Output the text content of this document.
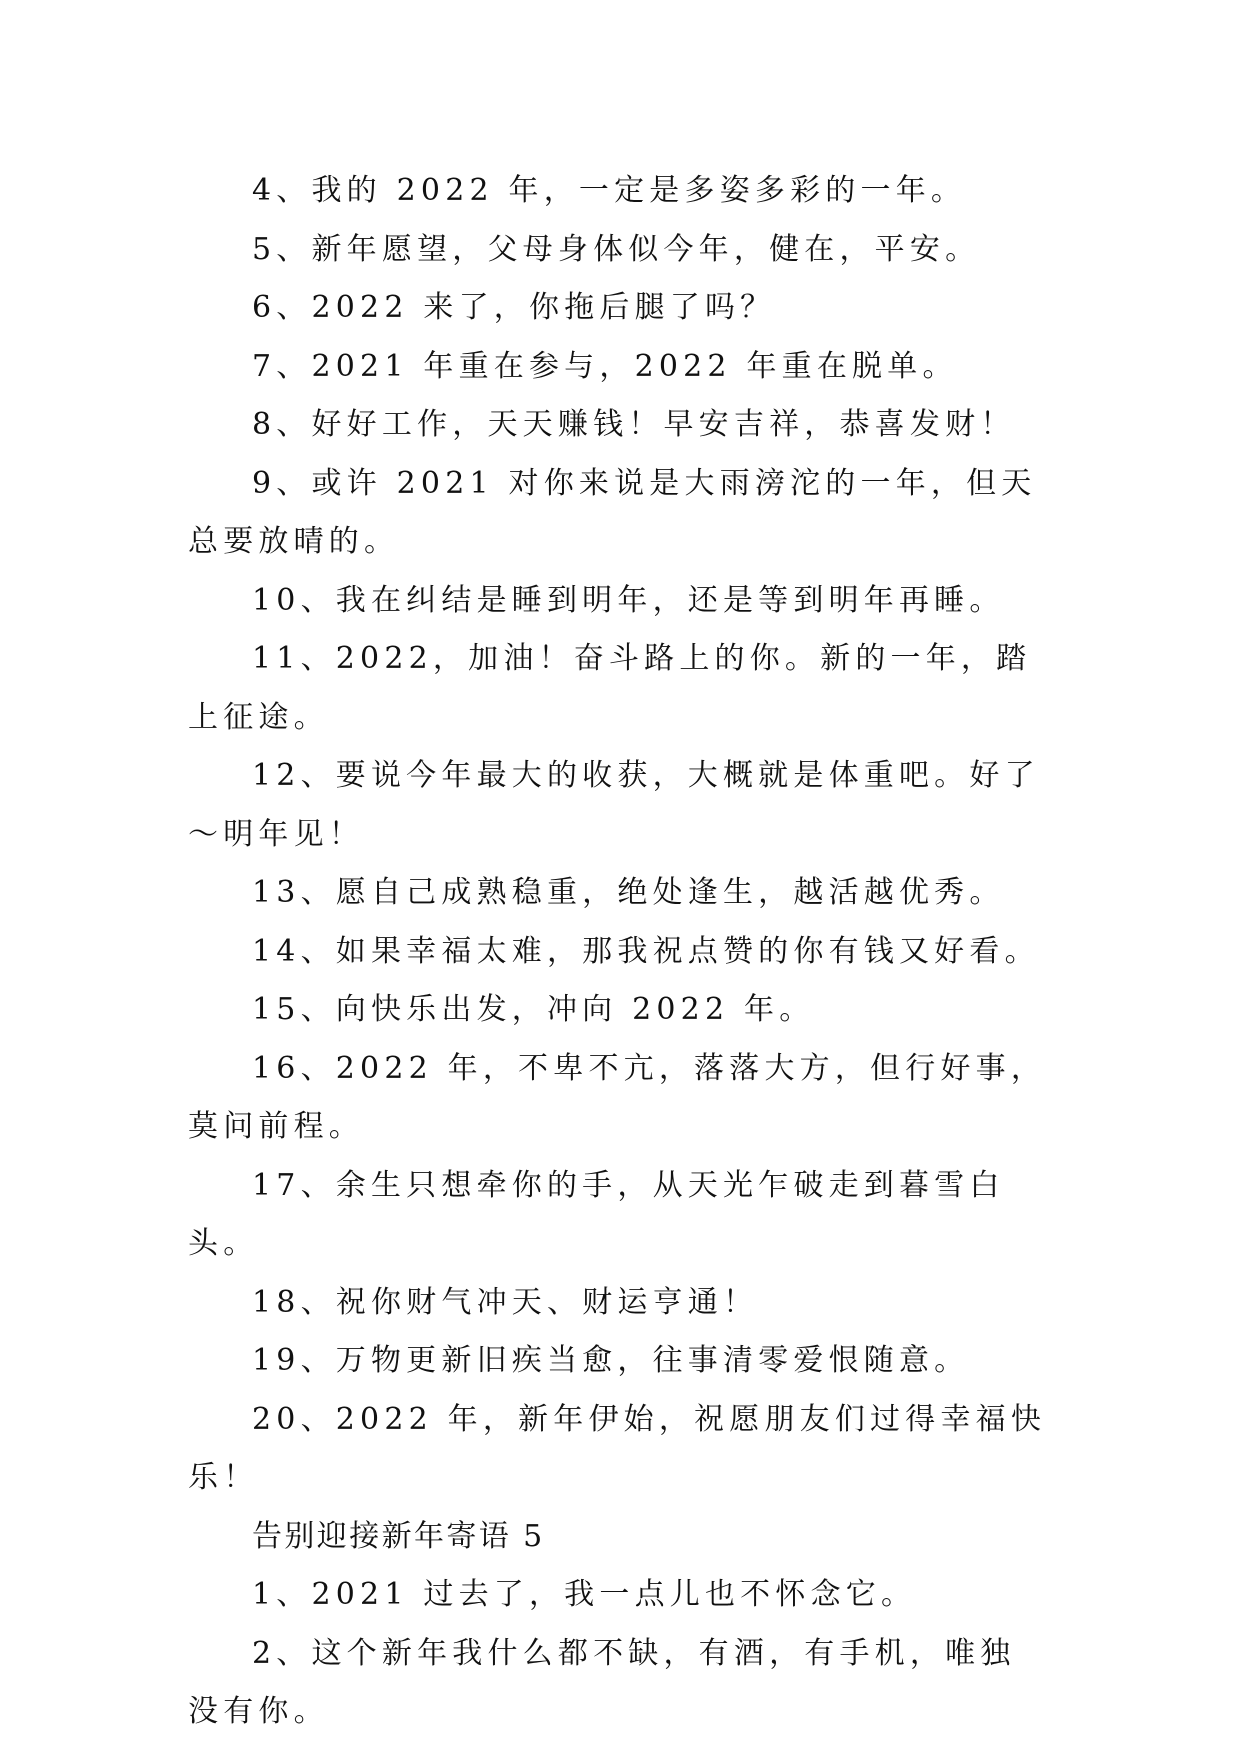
4、我的 2022 年，一定是多姿多彩的一年。

5、新年愿望，父母身体似今年，健在，平安。

6、2022 来了，你拖后腿了吗？

7、2021 年重在参与，2022 年重在脱单。

8、好好工作，天天赚钱！早安吉祥，恭喜发财！

9、或许 2021 对你来说是大雨滂沱的一年，但天总要放晴的。

10、我在纠结是睡到明年，还是等到明年再睡。

11、2022，加油！奋斗路上的你。新的一年，踏上征途。

12、要说今年最大的收获，大概就是体重吧。好了～明年见！

13、愿自己成熟稳重，绝处逢生，越活越优秀。

14、如果幸福太难，那我祝点赞的你有钱又好看。

15、向快乐出发，冲向 2022 年。

16、2022 年，不卑不亢，落落大方，但行好事，莫问前程。

17、余生只想牵你的手，从天光乍破走到暮雪白头。

18、祝你财气冲天、财运亨通！

19、万物更新旧疾当愈，往事清零爱恨随意。

20、2022 年，新年伊始，祝愿朋友们过得幸福快乐！

告别迎接新年寄语 5

1、2021 过去了，我一点儿也不怀念它。

2、这个新年我什么都不缺，有酒，有手机，唯独没有你。
